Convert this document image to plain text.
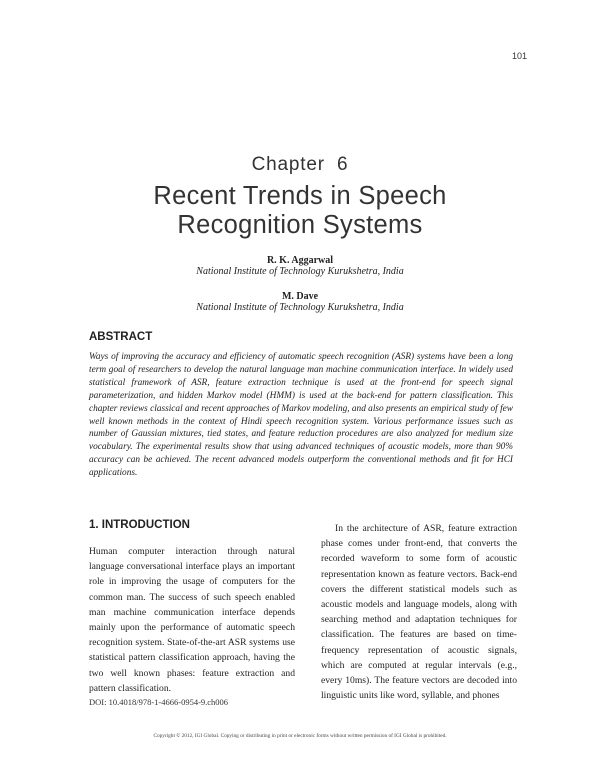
101
Chapter  6
Recent Trends in Speech
Recognition Systems
R. K. Aggarwal
National Institute of Technology Kurukshetra, India
M. Dave
National Institute of Technology Kurukshetra, India
ABSTRACT
Ways of improving the accuracy and efficiency of automatic speech recognition (ASR) systems have been a long term goal of researchers to develop the natural language man machine communication interface. In widely used statistical framework of ASR, feature extraction technique is used at the front-end for speech signal parameterization, and hidden Markov model (HMM) is used at the back-end for pattern classification. This chapter reviews classical and recent approaches of Markov modeling, and also presents an empirical study of few well known methods in the context of Hindi speech recognition system. Various performance issues such as number of Gaussian mixtures, tied states, and feature reduction procedures are also analyzed for medium size vocabulary. The experimental results show that using advanced techniques of acoustic models, more than 90% accuracy can be achieved. The recent advanced models outperform the conventional methods and fit for HCI applications.
1. INTRODUCTION

Human computer interaction through natural language conversational interface plays an important role in improving the usage of computers for the common man. The success of such speech enabled man machine communication interface depends mainly upon the performance of automatic speech recognition system. State-of-the-art ASR systems use statistical pattern classification approach, having the two well known phases: feature extraction and pattern classification.

In the architecture of ASR, feature extraction phase comes under front-end, that converts the recorded waveform to some form of acoustic representation known as feature vectors. Back-end covers the different statistical models such as acoustic models and language models, along with searching method and adaptation techniques for classification. The features are based on time-frequency representation of acoustic signals, which are computed at regular intervals (e.g., every 10ms). The feature vectors are decoded into linguistic units like word, syllable, and phones

DOI: 10.4018/978-1-4666-0954-9.ch006
Copyright © 2012, IGI Global. Copying or distributing in print or electronic forms without written permission of IGI Global is prohibited.
